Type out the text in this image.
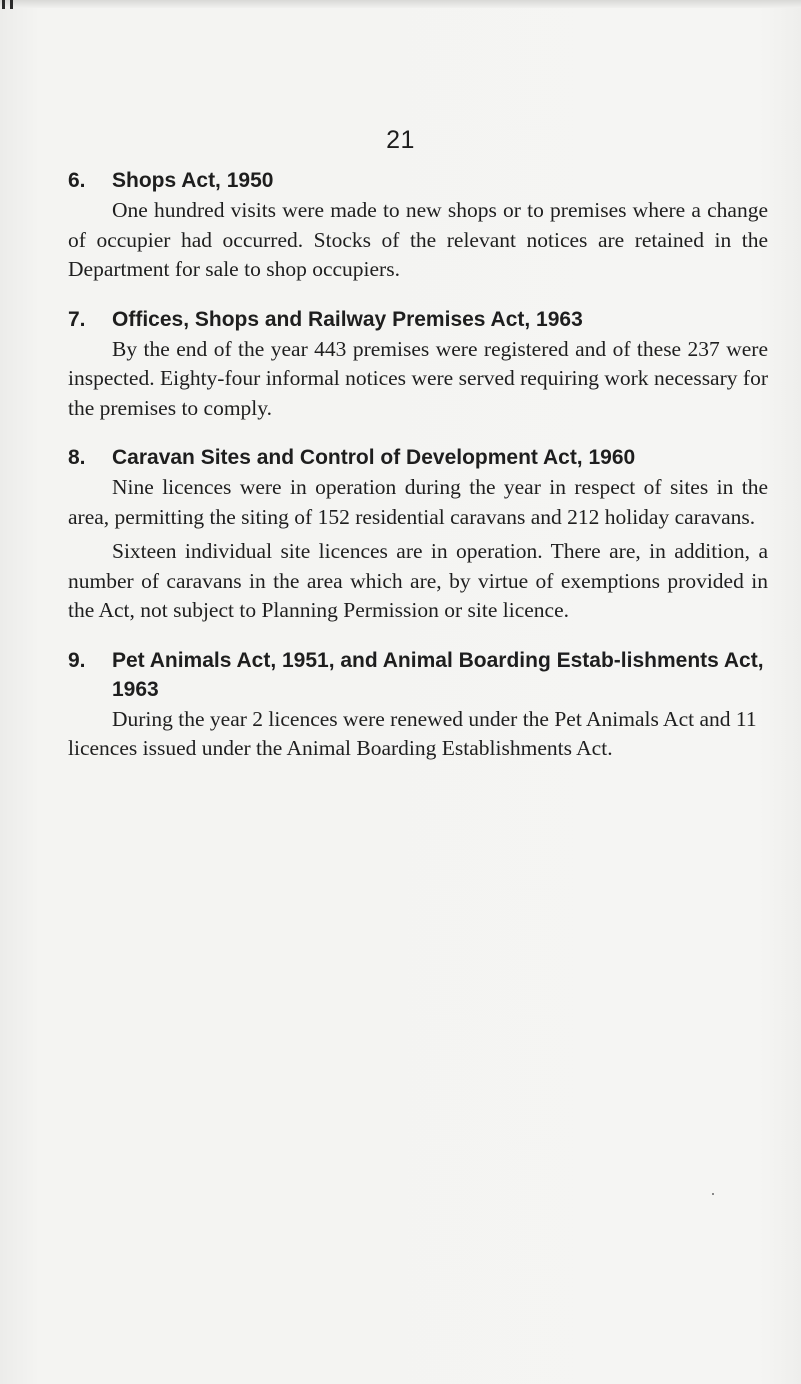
21
6.	Shops Act, 1950

One hundred visits were made to new shops or to premises where a change of occupier had occurred. Stocks of the relevant notices are retained in the Department for sale to shop occupiers.

7.	Offices, Shops and Railway Premises Act, 1963

By the end of the year 443 premises were registered and of these 237 were inspected. Eighty-four informal notices were served requiring work necessary for the premises to comply.

8.	Caravan Sites and Control of Development Act, 1960

Nine licences were in operation during the year in respect of sites in the area, permitting the siting of 152 residential caravans and 212 holiday caravans.

Sixteen individual site licences are in operation. There are, in addition, a number of caravans in the area which are, by virtue of exemptions provided in the Act, not subject to Planning Permission or site licence.

9.	Pet Animals Act, 1951, and Animal Boarding Estab-lishments Act, 1963

During the year 2 licences were renewed under the Pet Animals Act and 11 licences issued under the Animal Boarding Establishments Act.
